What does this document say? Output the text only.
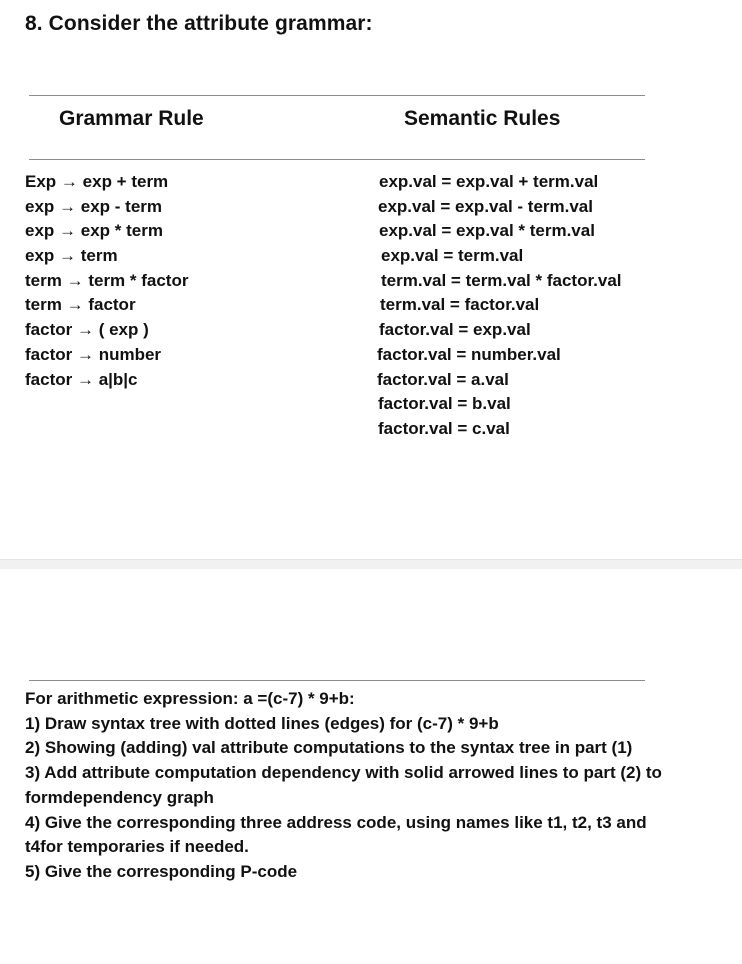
8. Consider the attribute grammar:
Grammar Rule	Semantic Rules
Exp → exp + term
exp → exp - term
exp → exp * term
exp → term
term → term * factor
term → factor
factor → ( exp )
factor → number
factor → a|b|c
exp.val = exp.val + term.val
exp.val = exp.val - term.val
exp.val = exp.val * term.val
exp.val = term.val
term.val = term.val * factor.val
term.val = factor.val
factor.val = exp.val
factor.val = number.val
factor.val = a.val
factor.val = b.val
factor.val = c.val
For arithmetic expression: a =(c-7) * 9+b:
1) Draw syntax tree with dotted lines (edges) for (c-7) * 9+b
2) Showing (adding) val attribute computations to the syntax tree in part (1)
3) Add attribute computation dependency with solid arrowed lines to part (2) to formdependency graph
4) Give the corresponding three address code, using names like t1, t2, t3 and t4for temporaries if needed.
5) Give the corresponding P-code
